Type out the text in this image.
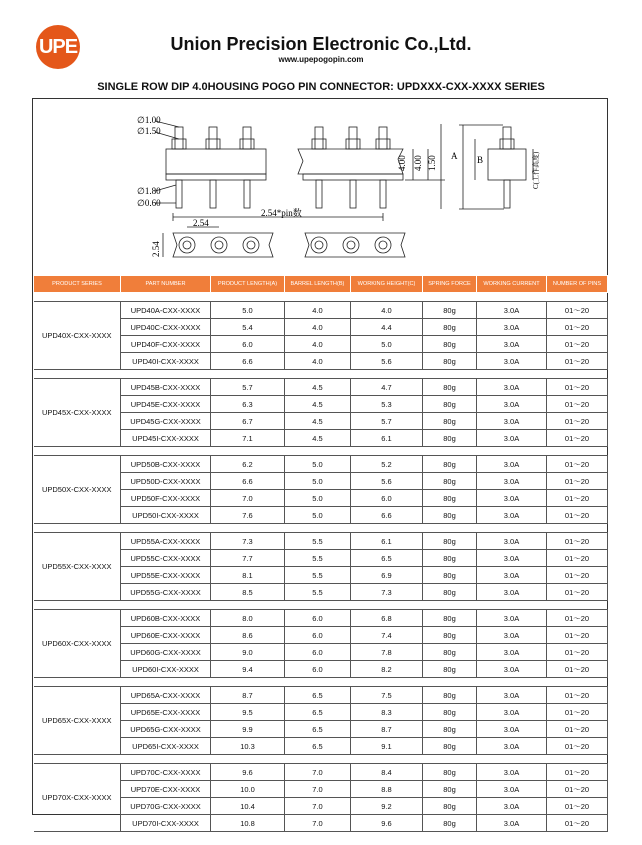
UPE	Union Precision Electronic Co.,Ltd.
www.upepogopin.com
SINGLE ROW DIP 4.0HOUSING POGO PIN CONNECTOR: UPDXXX-CXX-XXXX SERIES
∅1.00
∅1.50
∅1.80
∅0.60
2.54*pin数
4.00 4.00 1.50 A B	C(工作高度)
2.54
2.54
PRODUCT SERIES	PART NUMBER	PRODUCT LENGTH(A)	BARREL LENGTH(B)	WORKING HEIGHT(C)	SPRING FORCE	WORKING CURRENT	NUMBER OF PINS

UPD40X-CXX-XXXX	UPD40A-CXX-XXXX	5.0	4.0	4.0	80g	3.0A	01～20
	UPD40C-CXX-XXXX	5.4	4.0	4.4	80g	3.0A	01～20
	UPD40F-CXX-XXXX	6.0	4.0	5.0	80g	3.0A	01～20
	UPD40I-CXX-XXXX	6.6	4.0	5.6	80g	3.0A	01～20

UPD45X-CXX-XXXX	UPD45B-CXX-XXXX	5.7	4.5	4.7	80g	3.0A	01～20
	UPD45E-CXX-XXXX	6.3	4.5	5.3	80g	3.0A	01～20
	UPD45G-CXX-XXXX	6.7	4.5	5.7	80g	3.0A	01～20
	UPD45I-CXX-XXXX	7.1	4.5	6.1	80g	3.0A	01～20

UPD50X-CXX-XXXX	UPD50B-CXX-XXXX	6.2	5.0	5.2	80g	3.0A	01～20
	UPD50D-CXX-XXXX	6.6	5.0	5.6	80g	3.0A	01～20
	UPD50F-CXX-XXXX	7.0	5.0	6.0	80g	3.0A	01～20
	UPD50I-CXX-XXXX	7.6	5.0	6.6	80g	3.0A	01～20

UPD55X-CXX-XXXX	UPD55A-CXX-XXXX	7.3	5.5	6.1	80g	3.0A	01～20
	UPD55C-CXX-XXXX	7.7	5.5	6.5	80g	3.0A	01～20
	UPD55E-CXX-XXXX	8.1	5.5	6.9	80g	3.0A	01～20
	UPD55G-CXX-XXXX	8.5	5.5	7.3	80g	3.0A	01～20

UPD60X-CXX-XXXX	UPD60B-CXX-XXXX	8.0	6.0	6.8	80g	3.0A	01～20
	UPD60E-CXX-XXXX	8.6	6.0	7.4	80g	3.0A	01～20
	UPD60G-CXX-XXXX	9.0	6.0	7.8	80g	3.0A	01～20
	UPD60I-CXX-XXXX	9.4	6.0	8.2	80g	3.0A	01～20

UPD65X-CXX-XXXX	UPD65A-CXX-XXXX	8.7	6.5	7.5	80g	3.0A	01～20
	UPD65E-CXX-XXXX	9.5	6.5	8.3	80g	3.0A	01～20
	UPD65G-CXX-XXXX	9.9	6.5	8.7	80g	3.0A	01～20
	UPD65I-CXX-XXXX	10.3	6.5	9.1	80g	3.0A	01～20

UPD70X-CXX-XXXX	UPD70C-CXX-XXXX	9.6	7.0	8.4	80g	3.0A	01～20
	UPD70E-CXX-XXXX	10.0	7.0	8.8	80g	3.0A	01～20
	UPD70G-CXX-XXXX	10.4	7.0	9.2	80g	3.0A	01～20
	UPD70I-CXX-XXXX	10.8	7.0	9.6	80g	3.0A	01～20
